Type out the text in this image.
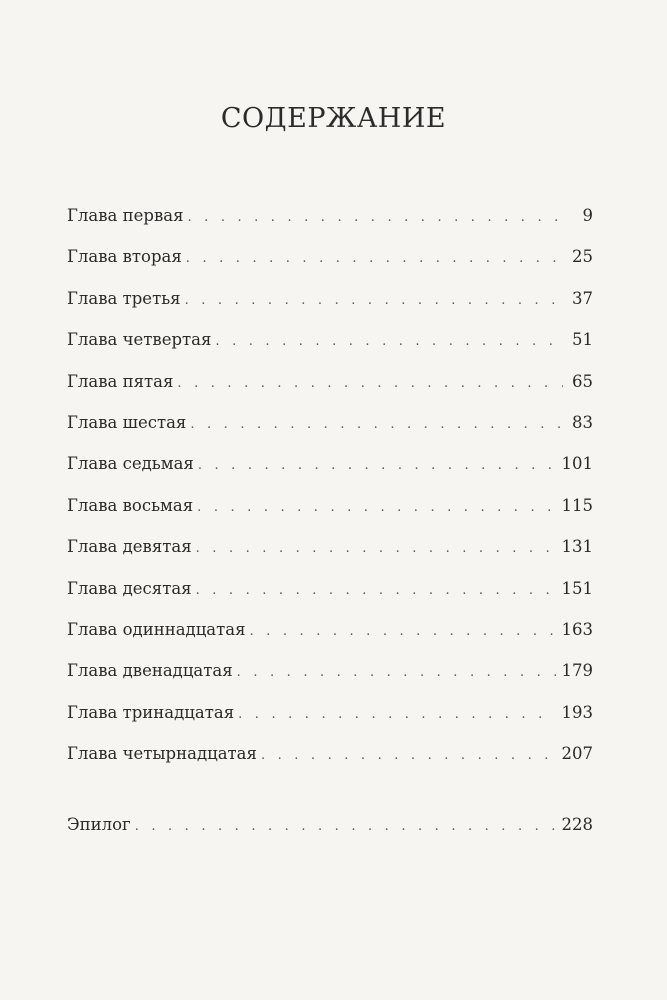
СОДЕРЖАНИЕ
Глава первая . . .	9
Глава вторая . . .	25
Глава третья . . .	37
Глава четвертая . . .	51
Глава пятая . . .	65
Глава шестая . . .	83
Глава седьмая . . .	101
Глава восьмая . . .	115
Глава девятая . . .	131
Глава десятая . . .	151
Глава одиннадцатая . . .	163
Глава двенадцатая . . .	179
Глава тринадцатая . . .	193
Глава четырнадцатая . . .	207
Эпилог . . .	228
